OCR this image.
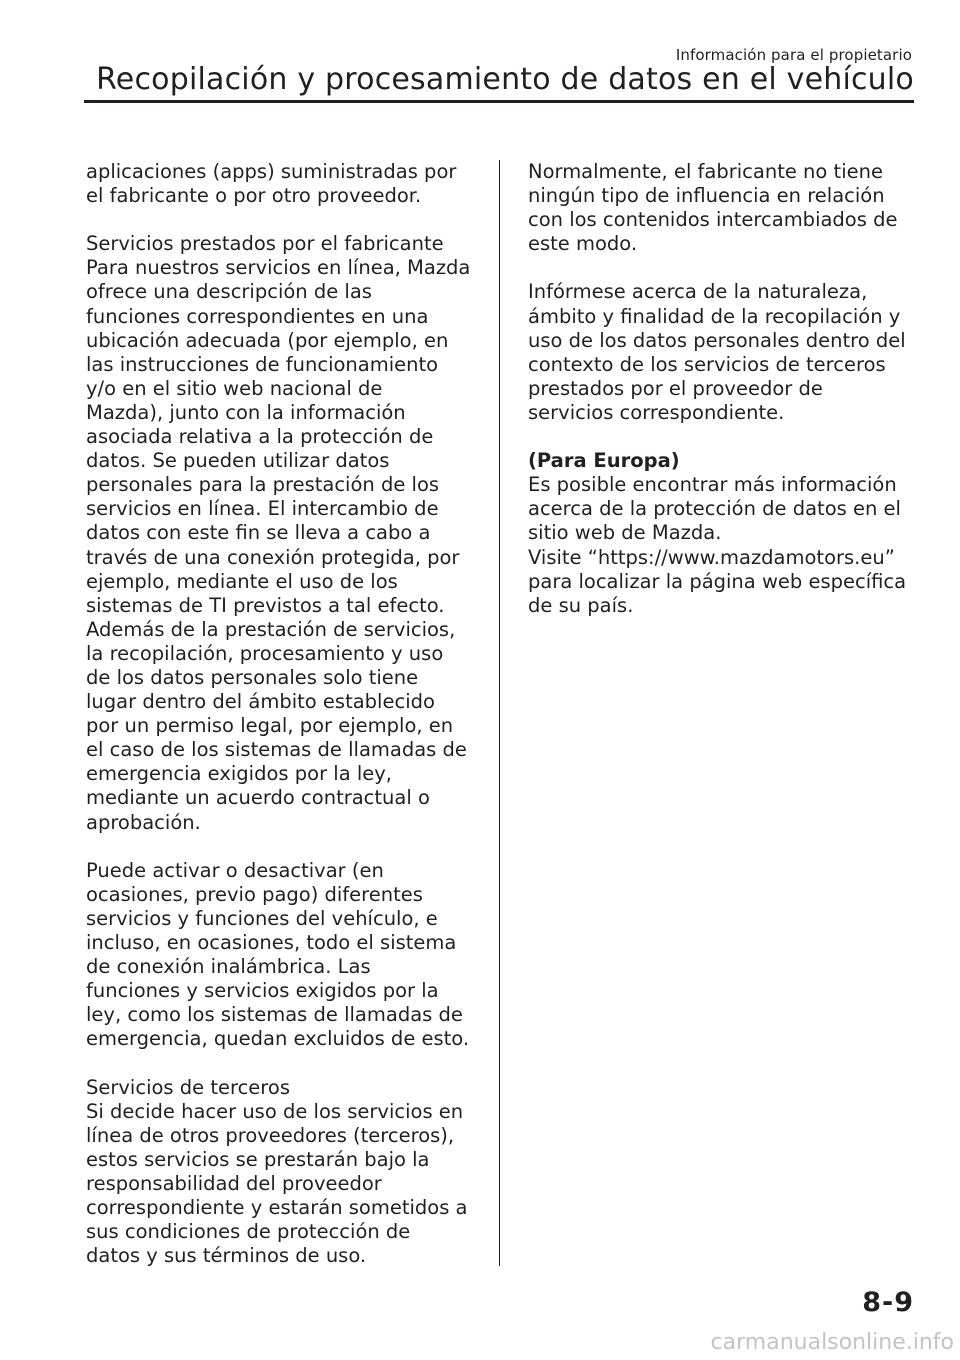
Información para el propietario
Recopilación y procesamiento de datos en el vehículo

aplicaciones (apps) suministradas por
el fabricante o por otro proveedor.

Servicios prestados por el fabricante
Para nuestros servicios en línea, Mazda
ofrece una descripción de las
funciones correspondientes en una
ubicación adecuada (por ejemplo, en
las instrucciones de funcionamiento
y/o en el sitio web nacional de
Mazda), junto con la información
asociada relativa a la protección de
datos. Se pueden utilizar datos
personales para la prestación de los
servicios en línea. El intercambio de
datos con este fin se lleva a cabo a
través de una conexión protegida, por
ejemplo, mediante el uso de los
sistemas de TI previstos a tal efecto.
Además de la prestación de servicios,
la recopilación, procesamiento y uso
de los datos personales solo tiene
lugar dentro del ámbito establecido
por un permiso legal, por ejemplo, en
el caso de los sistemas de llamadas de
emergencia exigidos por la ley,
mediante un acuerdo contractual o
aprobación.

Puede activar o desactivar (en
ocasiones, previo pago) diferentes
servicios y funciones del vehículo, e
incluso, en ocasiones, todo el sistema
de conexión inalámbrica. Las
funciones y servicios exigidos por la
ley, como los sistemas de llamadas de
emergencia, quedan excluidos de esto.

Servicios de terceros
Si decide hacer uso de los servicios en
línea de otros proveedores (terceros),
estos servicios se prestarán bajo la
responsabilidad del proveedor
correspondiente y estarán sometidos a
sus condiciones de protección de
datos y sus términos de uso.

Normalmente, el fabricante no tiene
ningún tipo de influencia en relación
con los contenidos intercambiados de
este modo.

Infórmese acerca de la naturaleza,
ámbito y finalidad de la recopilación y
uso de los datos personales dentro del
contexto de los servicios de terceros
prestados por el proveedor de
servicios correspondiente.

(Para Europa)
Es posible encontrar más información
acerca de la protección de datos en el
sitio web de Mazda.
Visite “https://www.mazdamotors.eu”
para localizar la página web específica
de su país.

8-9
carmanualsonline.info
